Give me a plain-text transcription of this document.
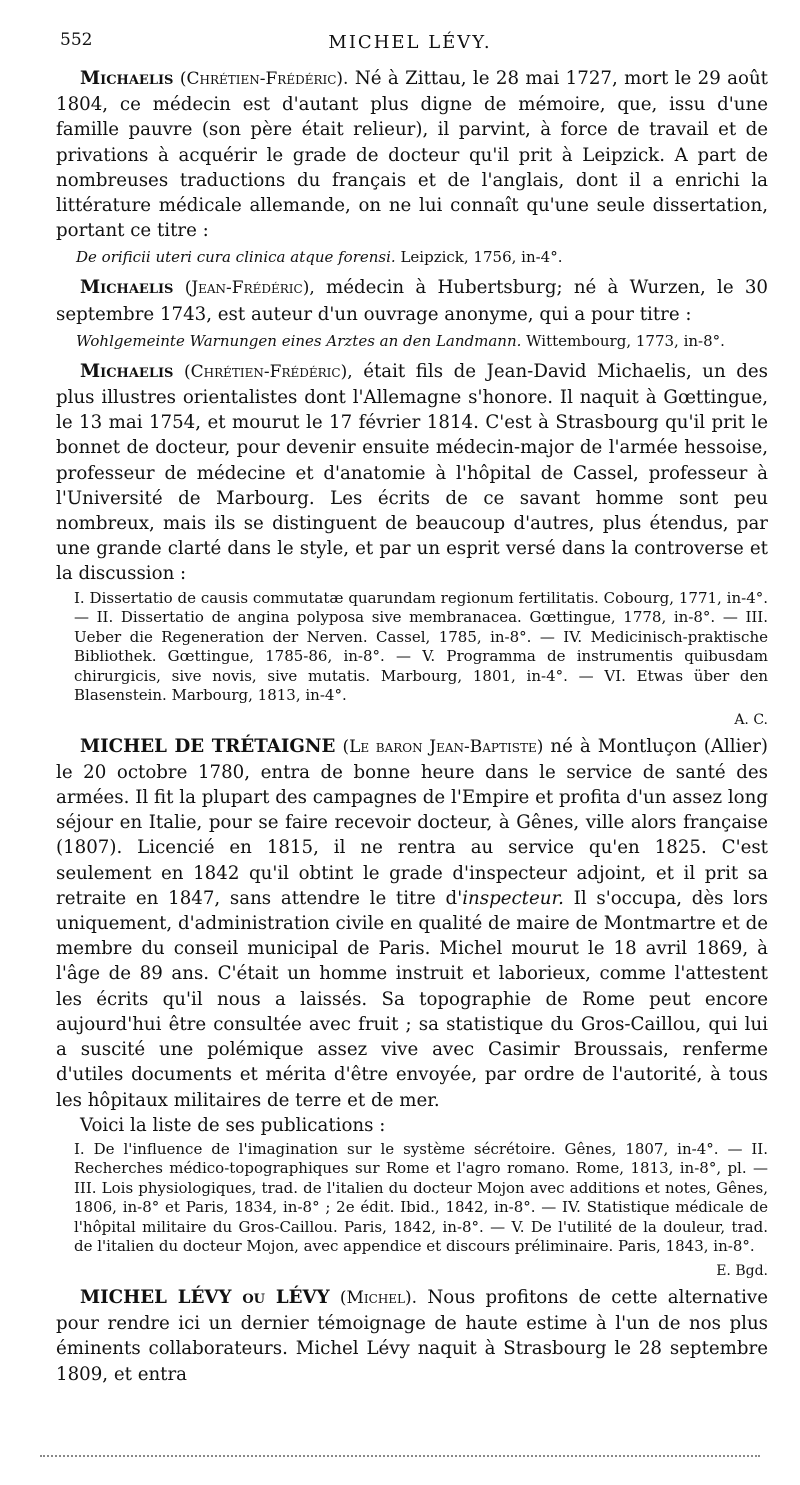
552	MICHEL LÉVY.

Michaelis (Chrétien-Frédéric). Né à Zittau, le 28 mai 1727, mort le 29 août 1804, ce médecin est d'autant plus digne de mémoire, que, issu d'une famille pauvre (son père était relieur), il parvint, à force de travail et de privations à acquérir le grade de docteur qu'il prit à Leipzick. A part de nombreuses traductions du français et de l'anglais, dont il a enrichi la littérature médicale allemande, on ne lui connaît qu'une seule dissertation, portant ce titre :

De orificii uteri cura clinica atque forensi. Leipzick, 1756, in-4°.

Michaelis (Jean-Frédéric), médecin à Hubertsburg; né à Wurzen, le 30 septembre 1743, est auteur d'un ouvrage anonyme, qui a pour titre :

Wohlgemeinte Warnungen eines Arztes an den Landmann. Wittembourg, 1773, in-8°.

Michaelis (Chrétien-Frédéric), était fils de Jean-David Michaelis, un des plus illustres orientalistes dont l'Allemagne s'honore. Il naquit à Gœttingue, le 13 mai 1754, et mourut le 17 février 1814. C'est à Strasbourg qu'il prit le bonnet de docteur, pour devenir ensuite médecin-major de l'armée hessoise, professeur de médecine et d'anatomie à l'hôpital de Cassel, professeur à l'Université de Marbourg. Les écrits de ce savant homme sont peu nombreux, mais ils se distinguent de beaucoup d'autres, plus étendus, par une grande clarté dans le style, et par un esprit versé dans la controverse et la discussion :

I. Dissertatio de causis commutatæ quarundam regionum fertilitatis. Cobourg, 1771, in-4°. — II. Dissertatio de angina polyposa sive membranacea. Gœttingue, 1778, in-8°. — III. Ueber die Regeneration der Nerven. Cassel, 1785, in-8°. — IV. Medicinisch-praktische Bibliothek. Gœttingue, 1785-86, in-8°. — V. Programma de instrumentis quibusdam chirurgicis, sive novis, sive mutatis. Marbourg, 1801, in-4°. — VI. Etwas über den Blasenstein. Marbourg, 1813, in-4°.

A. C.

MICHEL DE TRÉTAIGNE (Le baron Jean-Baptiste) né à Montluçon (Allier) le 20 octobre 1780, entra de bonne heure dans le service de santé des armées. Il fit la plupart des campagnes de l'Empire et profita d'un assez long séjour en Italie, pour se faire recevoir docteur, à Gênes, ville alors française (1807). Licencié en 1815, il ne rentra au service qu'en 1825. C'est seulement en 1842 qu'il obtint le grade d'inspecteur adjoint, et il prit sa retraite en 1847, sans attendre le titre d'inspecteur. Il s'occupa, dès lors uniquement, d'administration civile en qualité de maire de Montmartre et de membre du conseil municipal de Paris. Michel mourut le 18 avril 1869, à l'âge de 89 ans. C'était un homme instruit et laborieux, comme l'attestent les écrits qu'il nous a laissés. Sa topographie de Rome peut encore aujourd'hui être consultée avec fruit ; sa statistique du Gros-Caillou, qui lui a suscité une polémique assez vive avec Casimir Broussais, renferme d'utiles documents et mérita d'être envoyée, par ordre de l'autorité, à tous les hôpitaux militaires de terre et de mer.

Voici la liste de ses publications :

I. De l'influence de l'imagination sur le système sécrétoire. Gênes, 1807, in-4°. — II. Recherches médico-topographiques sur Rome et l'agro romano. Rome, 1813, in-8°, pl. — III. Lois physiologiques, trad. de l'italien du docteur Mojon avec additions et notes, Gênes, 1806, in-8° et Paris, 1834, in-8° ; 2e édit. Ibid., 1842, in-8°. — IV. Statistique médicale de l'hôpital militaire du Gros-Caillou. Paris, 1842, in-8°. — V. De l'utilité de la douleur, trad. de l'italien du docteur Mojon, avec appendice et discours préliminaire. Paris, 1843, in-8°.

E. Bgd.

MICHEL LÉVY ou LÉVY (Michel). Nous profitons de cette alternative pour rendre ici un dernier témoignage de haute estime à l'un de nos plus éminents collaborateurs. Michel Lévy naquit à Strasbourg le 28 septembre 1809, et entra
